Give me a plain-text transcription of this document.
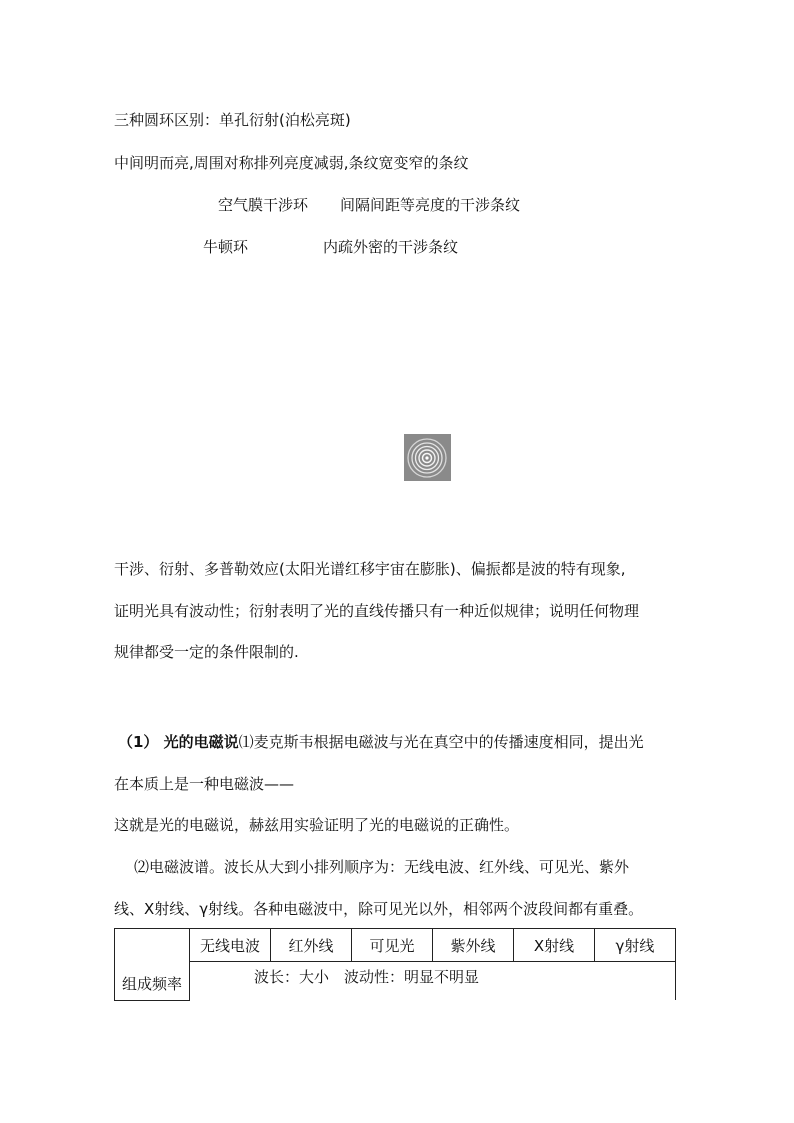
三种圆环区别：单孔衍射(泊松亮斑)
中间明而亮,周围对称排列亮度减弱,条纹宽变窄的条纹
空气膜干涉环 间隔间距等亮度的干涉条纹
牛顿环	内疏外密的干涉条纹
干涉、衍射、多普勒效应(太阳光谱红移宇宙在膨胀)、偏振都是波的特有现象,
证明光具有波动性；衍射表明了光的直线传播只有一种近似规律；说明任何物理
规律都受一定的条件限制的.
（1） 光的电磁说⑴麦克斯韦根据电磁波与光在真空中的传播速度相同，提出光
在本质上是一种电磁波——
这就是光的电磁说，赫兹用实验证明了光的电磁说的正确性。
⑵电磁波谱。波长从大到小排列顺序为：无线电波、红外线、可见光、紫外
线、X射线、γ射线。各种电磁波中，除可见光以外，相邻两个波段间都有重叠。
组成频率	无线电波	红外线	可见光	紫外线	X射线	γ射线
波长：大小　波动性：明显不明显
